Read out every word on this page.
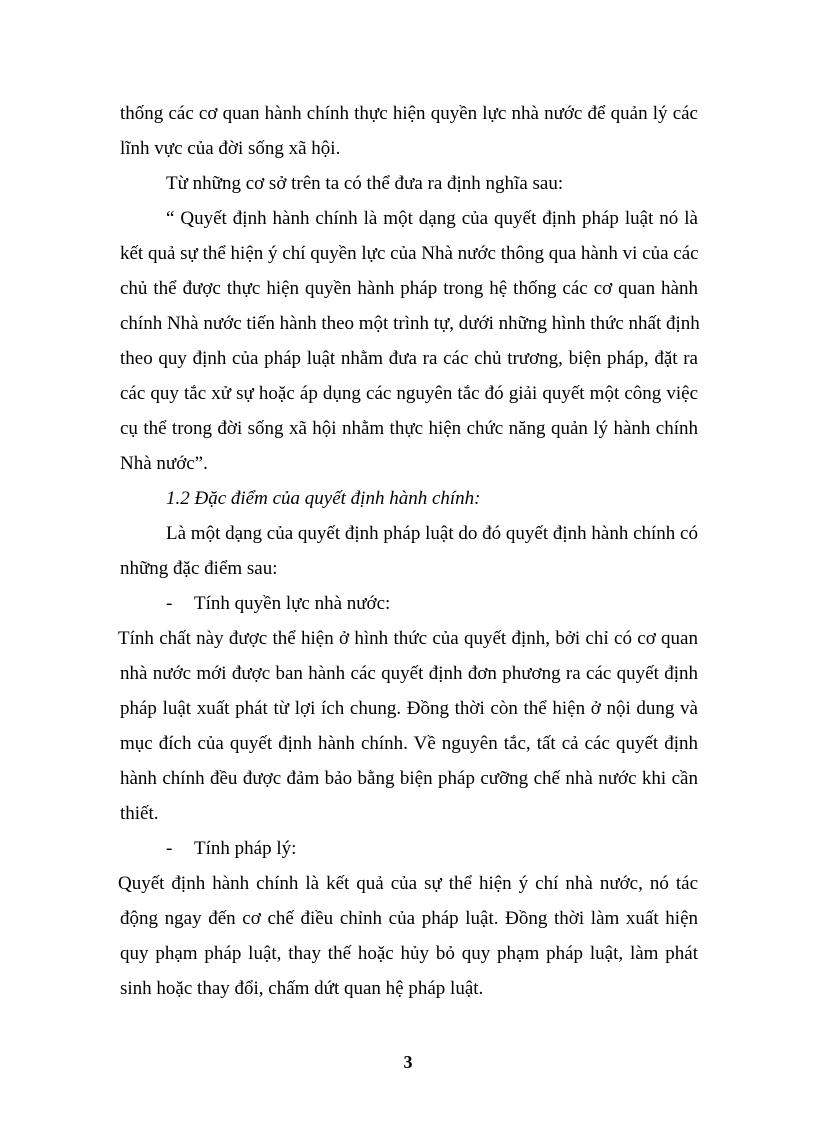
thống các cơ quan hành chính thực hiện quyền lực nhà nước để quản lý các
lĩnh vực của đời sống xã hội.
Từ những cơ sở trên ta có thể đưa ra định nghĩa sau:
“ Quyết định hành chính là một dạng của quyết định pháp luật nó là
kết quả sự thể hiện ý chí quyền lực của Nhà nước thông qua hành vi của các
chủ thể được thực hiện quyền hành pháp trong hệ thống các cơ quan hành
chính Nhà nước tiến hành theo một trình tự, dưới những hình thức nhất định
theo quy định của pháp luật nhằm đưa ra các chủ trương, biện pháp, đặt ra
các quy tắc xử sự hoặc áp dụng các nguyên tắc đó giải quyết một công việc
cụ thể trong đời sống xã hội nhằm thực hiện chức năng quản lý hành chính
Nhà nước”.
1.2 Đặc điểm của quyết định hành chính:
Là một dạng của quyết định pháp luật do đó quyết định hành chính có
những đặc điểm sau:
- Tính quyền lực nhà nước:
Tính chất này được thể hiện ở hình thức của quyết định, bởi chỉ có cơ quan
nhà nước mới được ban hành các quyết định đơn phương ra các quyết định
pháp luật xuất phát từ lợi ích chung. Đồng thời còn thể hiện ở nội dung và
mục đích của quyết định hành chính. Về nguyên tắc, tất cả các quyết định
hành chính đều được đảm bảo bằng biện pháp cưỡng chế nhà nước khi cần
thiết.
- Tính pháp lý:
Quyết định hành chính là kết quả của sự thể hiện ý chí nhà nước, nó tác
động ngay đến cơ chế điều chỉnh của pháp luật. Đồng thời làm xuất hiện
quy phạm pháp luật, thay thế hoặc hủy bỏ quy phạm pháp luật, làm phát
sinh hoặc thay đổi, chấm dứt quan hệ pháp luật.
3
